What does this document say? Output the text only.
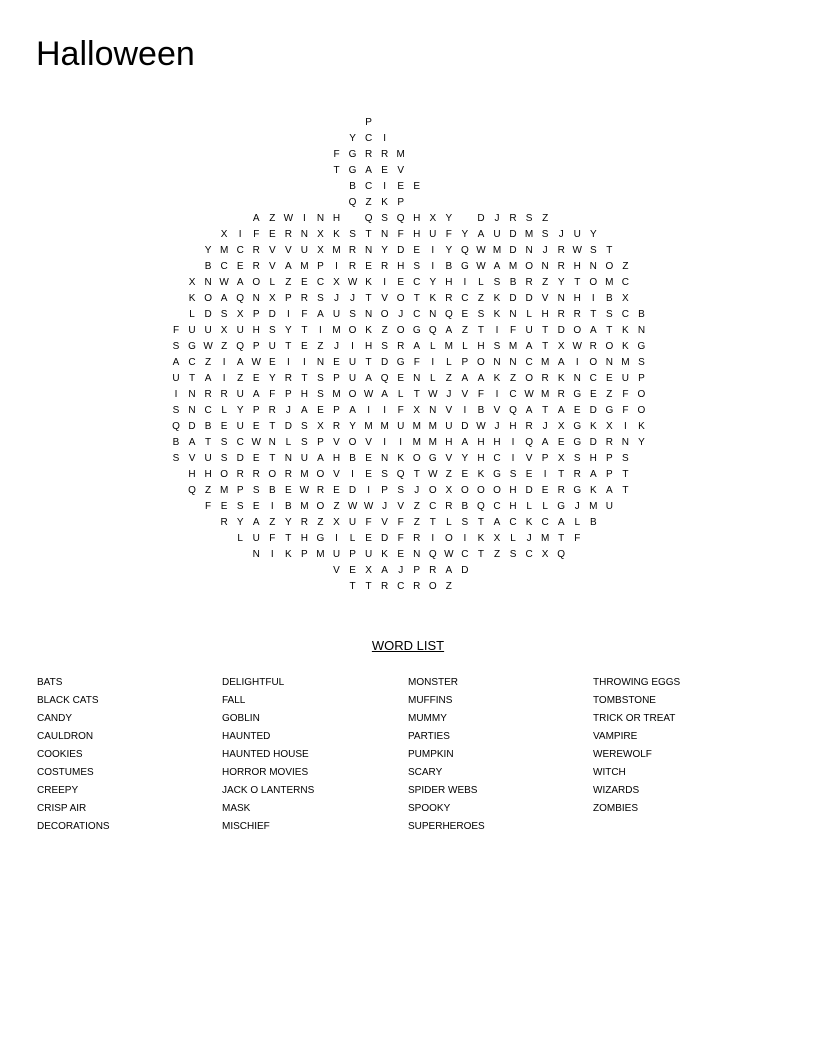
Halloween
P
Y C	I
F G R R M
T G A E V
B C	I	E E
Q Z K P
A Z W I	N H	Q S Q H X Y	D J R S Z
X	I	F E R N X K S T N F H U F Y A U D M S	J U Y
Y M C R V V U X M R N Y D E	I	Y Q W M D N J R W S T
B C E R V A M P	I	R E R H S	I	B G W A M O N R H N O Z
X N W A O L	Z E C X W K	I	E C Y H	I	L S B R Z Y T O M C
K O A Q N X P R S	J	J	T V O T K R C Z K D D V N H	I	B X
L D S X P D	I	F A U S N O J C N Q E S K N L H R R T S C B
F U U X U H S Y T	I	M O K Z O G Q A Z T	I	F U T D O A T K N
S G W Z Q P U T E Z	J	I	H S R A L M L H S M A T X W R O K G
A C Z	I	A W E	I	I	N E U T D G F	I	L P O N N C M A	I	O N M S
U T A	I	Z E Y R T S P U A Q E N L	Z A A K Z O R K N C E U P
I	N R R U A F P H S M O W A L	T W J	V F	I	C W M R G E Z F O
S N C L Y P R J	A E P A	I	I	F X N V	I	B V Q A T A E D G F O
Q D B E U E T D S X R Y M M U M M U D W J H R J	X G K X	I	K
B A T S C W N L S P V O V	I	I	M M H A H H	I	Q A E G D R N Y
S V U S D E T N U A H B E N K O G V Y H C	I	V P X S H P S
H H O R R O R M O V	I	E S Q T W Z E K G S E	I	T R A P T
Q Z M P S B E W R E D	I	P S	J O X O O O H D E R G K A T
F E S E	I	B M O Z W W J	V Z C R B Q C H L	L G J M U
R Y A Z Y R Z X U F V F Z T	L S T A C K C A L B
L U F T H G	I	L E D F R	I	O	I	K X L	J M T F
N	I	K P M U P U K E N Q W C T Z S C X Q
V E X A	J	P R A D
T T R C R O Z
WORD LIST
BATS
BLACK CATS
CANDY
CAULDRON
COOKIES
COSTUMES
CREEPY
CRISP AIR
DECORATIONS
DELIGHTFUL
FALL
GOBLIN
HAUNTED
HAUNTED HOUSE
HORROR MOVIES
JACK O LANTERNS
MASK
MISCHIEF
MONSTER
MUFFINS
MUMMY
PARTIES
PUMPKIN
SCARY
SPIDER WEBS
SPOOKY
SUPERHEROES
THROWING EGGS
TOMBSTONE
TRICK OR TREAT
VAMPIRE
WEREWOLF
WITCH
WIZARDS
ZOMBIES
